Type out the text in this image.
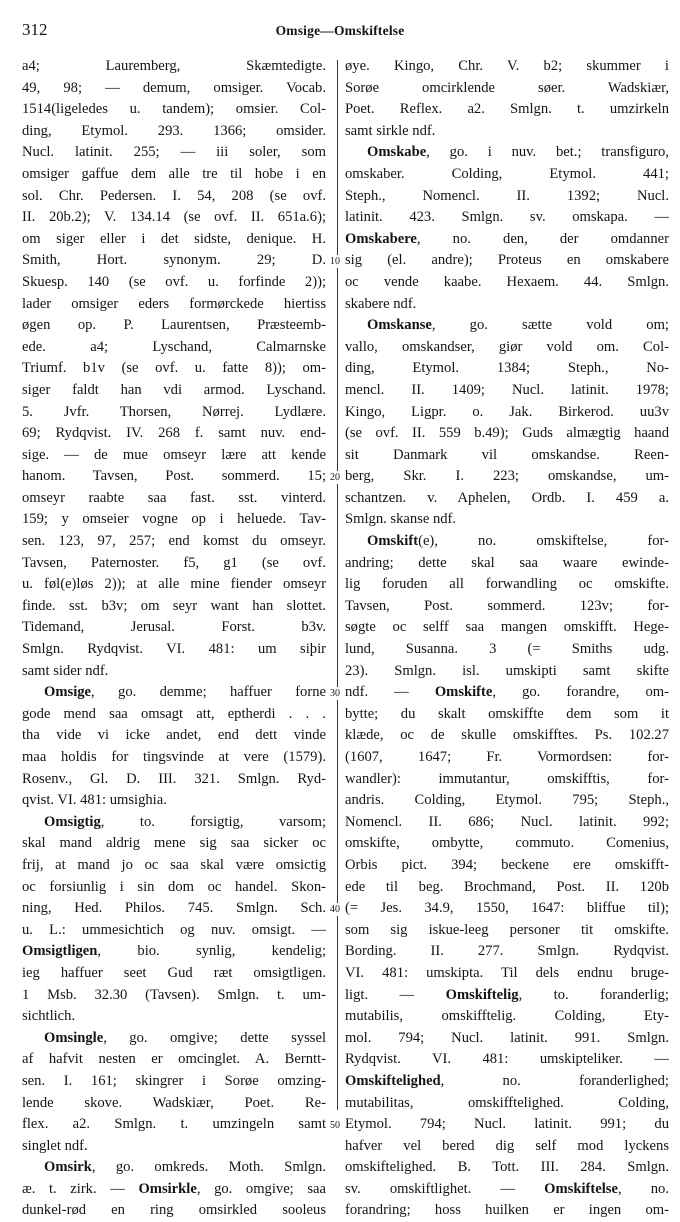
312	Omsige—Omskiftelse
a4; Lauremberg, Skæmtedigte.
49, 98; — demum, omsiger. Vocab.
1514(ligeledes u. tandem); omsier. Col-
ding, Etymol. 293. 1366; omsider.
Nucl. latinit. 255; — iii soler, som
omsiger gaffue dem alle tre til hobe i en
sol. Chr. Pedersen. I. 54, 208 (se ovf.
II. 20b.2); V. 134.14 (se ovf. II. 651a.6);
om siger eller i det sidste, denique. H.
Smith, Hort. synonym. 29; D.
Skuesp. 140 (se ovf. u. forfinde 2));
lader omsiger eders formørckede hiertiss
øgen op. P. Laurentsen, Præsteemb-
ede. a4; Lyschand, Calmarnske
Triumf. b1v (se ovf. u. fatte 8)); om-
siger faldt han vdi armod. Lyschand.
5. Jvfr. Thorsen, Nørrej. Lydlære.
69; Rydqvist. IV. 268 f. samt nuv. end-
sige. — de mue omseyr lære att kende
hanom. Tavsen, Post. sommerd. 15;
omseyr raabte saa fast. sst. vinterd.
159; y omseier vogne op i heluede. Tav-
sen. 123, 97, 257; end komst du omseyr.
Tavsen, Paternoster. f5, g1 (se ovf.
u. føl(e)løs 2)); at alle mine fiender omseyr
finde. sst. b3v; om seyr want han slottet.
Tidemand, Jerusal. Forst. b3v.
Smlgn. Rydqvist. VI. 481: um siþir
samt sider ndf.
Omsige, go. demme; haffuer forne
gode mend saa omsagt att, eptherdi . . .
tha vide vi icke andet, end dett vinde
maa holdis for tingsvinde at vere (1579).
Rosenv., Gl. D. III. 321. Smlgn. Ryd-
qvist. VI. 481: umsighia.
Omsigtig, to. forsigtig, varsom;
skal mand aldrig mene sig saa sicker oc
frij, at mand jo oc saa skal være omsictig
oc forsiunlig i sin dom oc handel. Skon-
ning, Hed. Philos. 745. Smlgn. Sch.
u. L.: ummesichtich og nuv. omsigt. —
Omsigtligen, bio. synlig, kendelig;
ieg haffuer seet Gud ræt omsigtligen.
1 Msb. 32.30 (Tavsen). Smlgn. t. um-
sichtlich.
Omsingle, go. omgive; dette syssel
af hafvit nesten er omcinglet. A. Berntt-
sen. I. 161; skingrer i Sorøe omzing-
lende skove. Wadskiær, Poet. Re-
flex. a2. Smlgn. t. umzingeln samt
singlet ndf.
Omsirk, go. omkreds. Moth. Smlgn.
æ. t. zirk. — Omsirkle, go. omgive; saa
dunkel-rød en ring omsirkled sooleus
øye. Kingo, Chr. V. b2; skummer i
Sorøe omcirklende søer. Wadskiær,
Poet. Reflex. a2. Smlgn. t. umzirkeln
samt sirkle ndf.
Omskabe, go. i nuv. bet.; transfiguro,
omskaber. Colding, Etymol. 441;
Steph., Nomencl. II. 1392; Nucl.
latinit. 423. Smlgn. sv. omskapa. —
Omskabere, no. den, der omdanner
sig (el. andre); Proteus en omskabere
oc vende kaabe. Hexaem. 44. Smlgn.
skabere ndf.
Omskanse, go. sætte vold om;
vallo, omskandser, giør vold om. Col-
ding, Etymol. 1384; Steph., No-
mencl. II. 1409; Nucl. latinit. 1978;
Kingo, Ligpr. o. Jak. Birkerod. uu3v
(se ovf. II. 559 b.49); Guds almægtig haand
sit Danmark vil omskandse. Reen-
berg, Skr. I. 223; omskandse, um-
schantzen. v. Aphelen, Ordb. I. 459 a.
Smlgn. skanse ndf.
Omskift(e), no. omskiftelse, for-
andring; dette skal saa waare ewinde-
lig foruden all forwandling oc omskifte.
Tavsen, Post. sommerd. 123v; for-
søgte oc selff saa mangen omskifft. Hege-
lund, Susanna. 3 (= Smiths udg.
23). Smlgn. isl. umskipti samt skifte
ndf. — Omskifte, go. forandre, om-
bytte; du skalt omskiffte dem som it
klæde, oc de skulle omskifftes. Ps. 102.27
(1607, 1647; Fr. Vormordsen: for-
wandler): immutantur, omskifftis, for-
andris. Colding, Etymol. 795; Steph.,
Nomencl. II. 686; Nucl. latinit. 992;
omskifte, ombytte, commuto. Comenius,
Orbis pict. 394; beckene ere omskifft-
ede til beg. Brochmand, Post. II. 120b
(= Jes. 34.9, 1550, 1647: bliffue til);
som sig iskue-leeg personer tit omskifte.
Bording. II. 277. Smlgn. Rydqvist.
VI. 481: umskipta. Til dels endnu bruge-
ligt. — Omskiftelig, to. foranderlig;
mutabilis, omskifftelig. Colding, Ety-
mol. 794; Nucl. latinit. 991. Smlgn.
Rydqvist. VI. 481: umskipteliker. —
Omskiftelighed, no. foranderlighed;
mutabilitas, omskifftelighed. Colding,
Etymol. 794; Nucl. latinit. 991; du
hafver vel bered dig self mod lyckens
omskiftelighed. B. Tott. III. 284. Smlgn.
sv. omskiftlighet. — Omskiftelse, no.
forandring; hoss huilken er ingen om-
10
20
30
40
50
